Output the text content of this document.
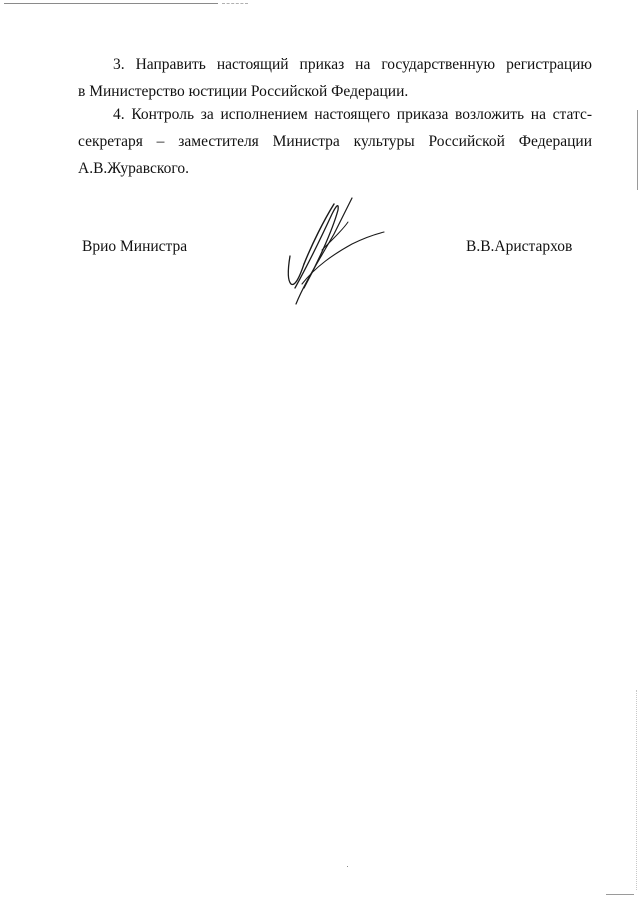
3. Направить настоящий приказ на государственную регистрацию
в Министерство юстиции Российской Федерации.
4. Контроль за исполнением настоящего приказа возложить на статс-
секретаря – заместителя Министра культуры Российской Федерации
А.В.Журавского.
Врио Министра	В.В.Аристархов
